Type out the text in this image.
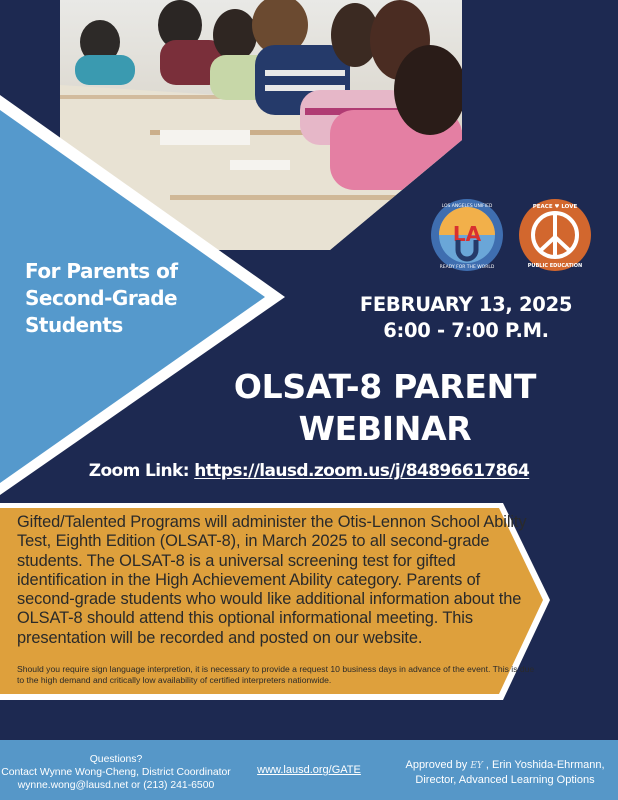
LA
LOS ANGELES UNIFIED
READY FOR THE WORLD
PEACE ♥ LOVE
PUBLIC EDUCATION
For Parents of
Second-Grade
Students
FEBRUARY 13, 2025
6:00 - 7:00 P.M.
OLSAT-8 PARENT
WEBINAR
Zoom Link: https://lausd.zoom.us/j/84896617864
Gifted/Talented Programs will administer the Otis-Lennon School Ability Test, Eighth Edition (OLSAT-8), in March 2025 to all second-grade students. The OLSAT-8 is a universal screening test for gifted identification in the High Achievement Ability category. Parents of second-grade students who would like additional information about the OLSAT-8 should attend this optional informational meeting. This presentation will be recorded and posted on our website.
Should you require sign language interpretion, it is necessary to provide a request 10 business days in advance of the event. This is due to the high demand and critically low availability of certified interpreters nationwide.
Questions?
Contact Wynne Wong-Cheng, District Coordinator
wynne.wong@lausd.net or (213) 241-6500
www.lausd.org/GATE	Approved by EY , Erin Yoshida-Ehrmann,
Director, Advanced Learning Options
